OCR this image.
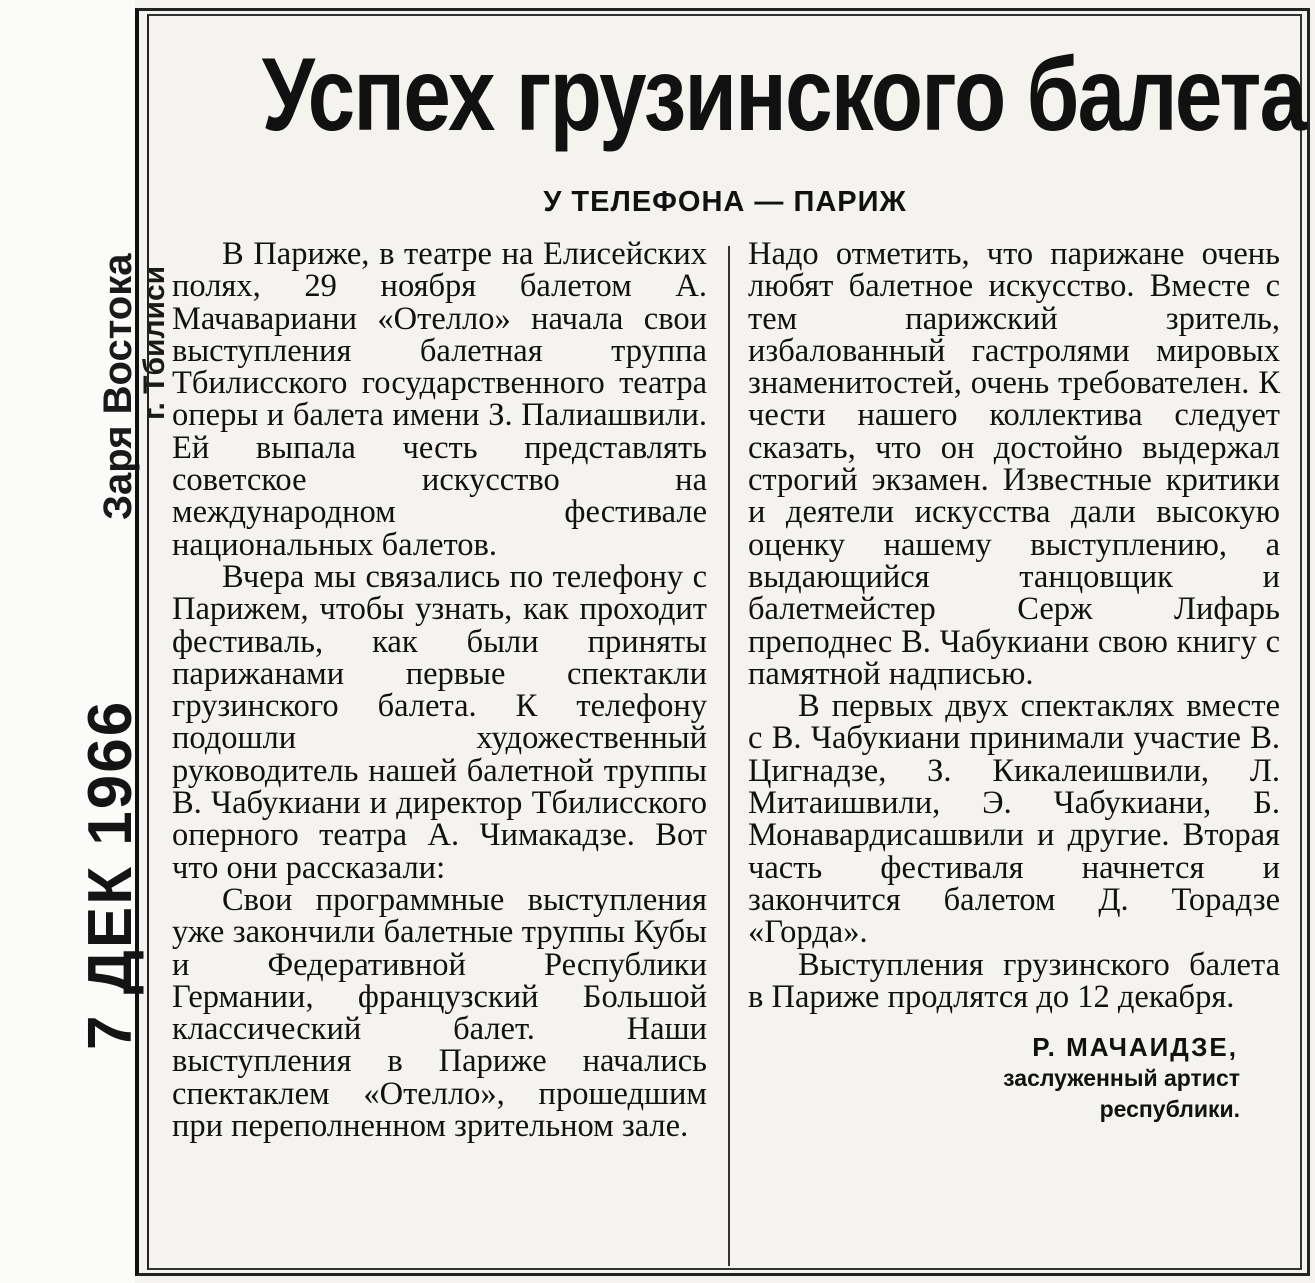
7 ДЕК 1966
Заря Востока
г. Тбилиси
Успех грузинского балета
У ТЕЛЕФОНА — ПАРИЖ

В Париже, в театре на Елисейских полях, 29 ноября балетом А. Мачавариани «Отелло» начала свои выступления балетная труппа Тбилисского государственного театра оперы и балета имени З. Палиашвили. Ей выпала честь представлять советское искусство на международном фестивале национальных балетов.

Вчера мы связались по телефону с Парижем, чтобы узнать, как проходит фестиваль, как были приняты парижанами первые спектакли грузинского балета. К телефону подошли художественный руководитель нашей балетной труппы В. Чабукиани и директор Тбилисского оперного театра А. Чимакадзе. Вот что они рассказали:

Свои программные выступления уже закончили балетные труппы Кубы и Федеративной Республики Германии, французский Большой классический балет. Наши выступления в Париже начались спектаклем «Отелло», прошедшим при переполненном зрительном зале.

Надо отметить, что парижане очень любят балетное искусство. Вместе с тем парижский зритель, избалованный гастролями мировых знаменитостей, очень требователен. К чести нашего коллектива следует сказать, что он достойно выдержал строгий экзамен. Известные критики и деятели искусства дали высокую оценку нашему выступлению, а выдающийся танцовщик и балетмейстер Серж Лифарь преподнес В. Чабукиани свою книгу с памятной надписью.

В первых двух спектаклях вместе с В. Чабукиани принимали участие В. Цигнадзе, З. Кикалеишвили, Л. Митаишвили, Э. Чабукиани, Б. Монавардисашвили и другие. Вторая часть фестиваля начнется и закончится балетом Д. Торадзе «Горда».

Выступления грузинского балета в Париже продлятся до 12 декабря.

Р. МАЧАИДЗЕ,

заслуженный артист

республики.
